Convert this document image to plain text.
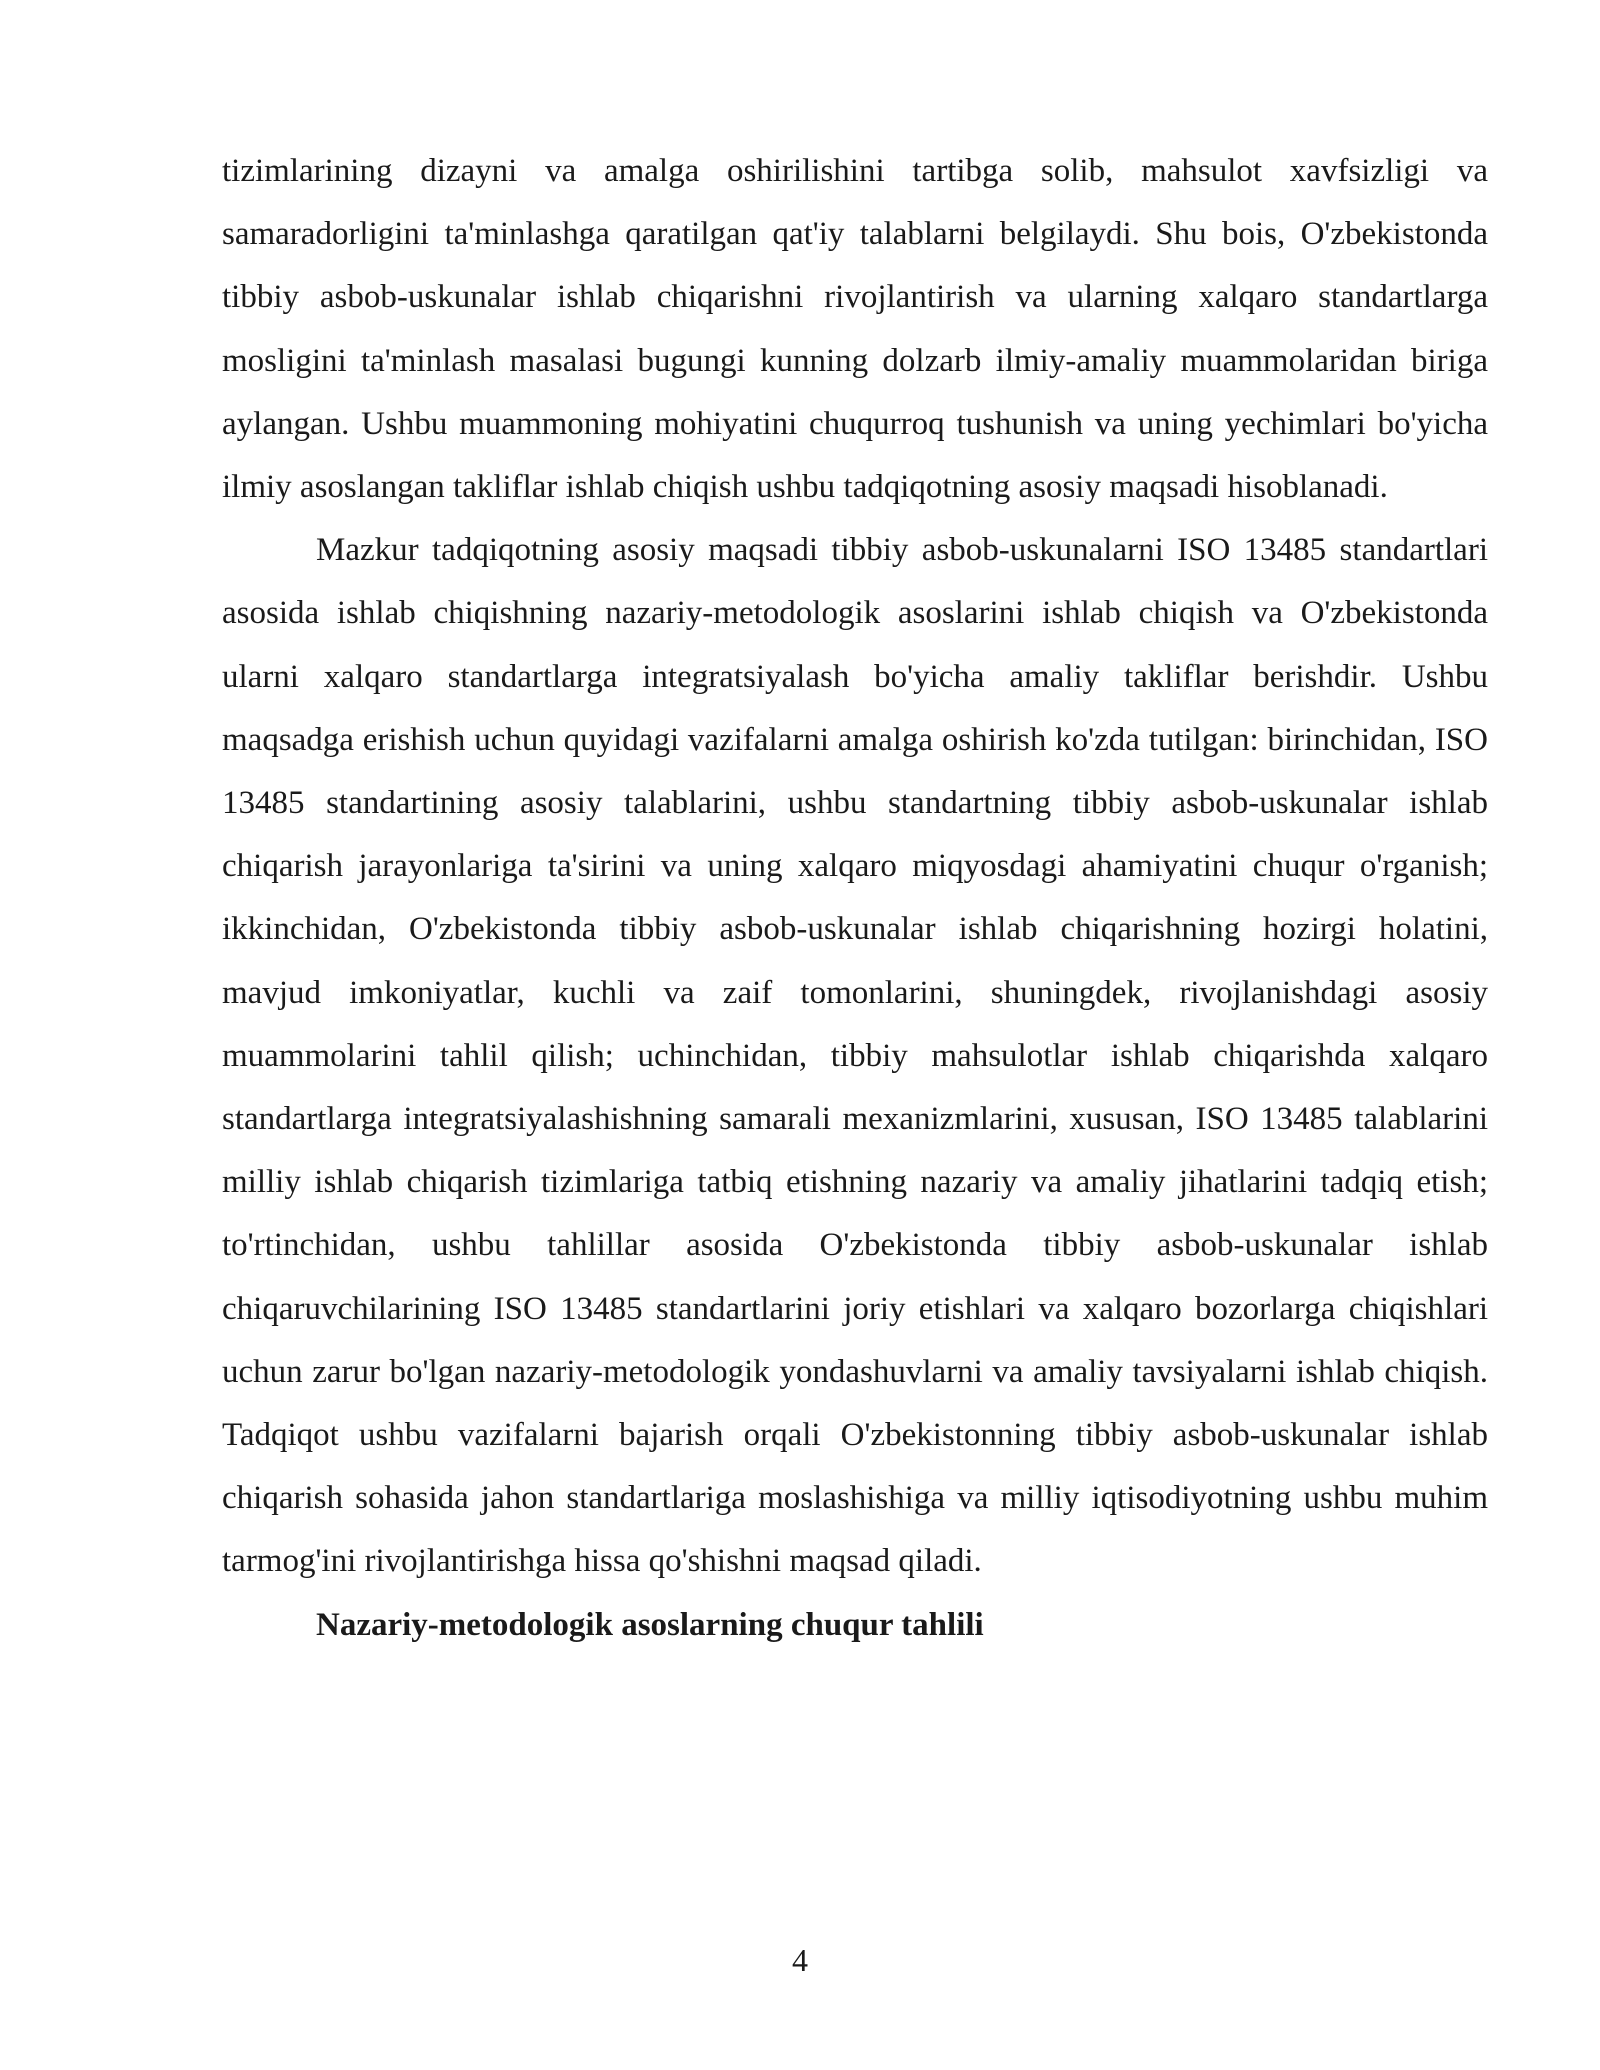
tizimlarining dizayni va amalga oshirilishini tartibga solib, mahsulot xavfsizligi va samaradorligini ta'minlashga qaratilgan qat'iy talablarni belgilaydi. Shu bois, O'zbekistonda tibbiy asbob-uskunalar ishlab chiqarishni rivojlantirish va ularning xalqaro standartlarga mosligini ta'minlash masalasi bugungi kunning dolzarb ilmiy-amaliy muammolaridan biriga aylangan. Ushbu muammoning mohiyatini chuqurroq tushunish va uning yechimlari bo'yicha ilmiy asoslangan takliflar ishlab chiqish ushbu tadqiqotning asosiy maqsadi hisoblanadi.

Mazkur tadqiqotning asosiy maqsadi tibbiy asbob-uskunalarni ISO 13485 standartlari asosida ishlab chiqishning nazariy-metodologik asoslarini ishlab chiqish va O'zbekistonda ularni xalqaro standartlarga integratsiyalash bo'yicha amaliy takliflar berishdir. Ushbu maqsadga erishish uchun quyidagi vazifalarni amalga oshirish ko'zda tutilgan: birinchidan, ISO 13485 standartining asosiy talablarini, ushbu standartning tibbiy asbob-uskunalar ishlab chiqarish jarayonlariga ta'sirini va uning xalqaro miqyosdagi ahamiyatini chuqur o'rganish; ikkinchidan, O'zbekistonda tibbiy asbob-uskunalar ishlab chiqarishning hozirgi holatini, mavjud imkoniyatlar, kuchli va zaif tomonlarini, shuningdek, rivojlanishdagi asosiy muammolarini tahlil qilish; uchinchidan, tibbiy mahsulotlar ishlab chiqarishda xalqaro standartlarga integratsiyalashishning samarali mexanizmlarini, xususan, ISO 13485 talablarini milliy ishlab chiqarish tizimlariga tatbiq etishning nazariy va amaliy jihatlarini tadqiq etish; to'rtinchidan, ushbu tahlillar asosida O'zbekistonda tibbiy asbob-uskunalar ishlab chiqaruvchilarining ISO 13485 standartlarini joriy etishlari va xalqaro bozorlarga chiqishlari uchun zarur bo'lgan nazariy-metodologik yondashuvlarni va amaliy tavsiyalarni ishlab chiqish. Tadqiqot ushbu vazifalarni bajarish orqali O'zbekistonning tibbiy asbob-uskunalar ishlab chiqarish sohasida jahon standartlariga moslashishiga va milliy iqtisodiyotning ushbu muhim tarmog'ini rivojlantirishga hissa qo'shishni maqsad qiladi.

Nazariy-metodologik asoslarning chuqur tahlili

4
